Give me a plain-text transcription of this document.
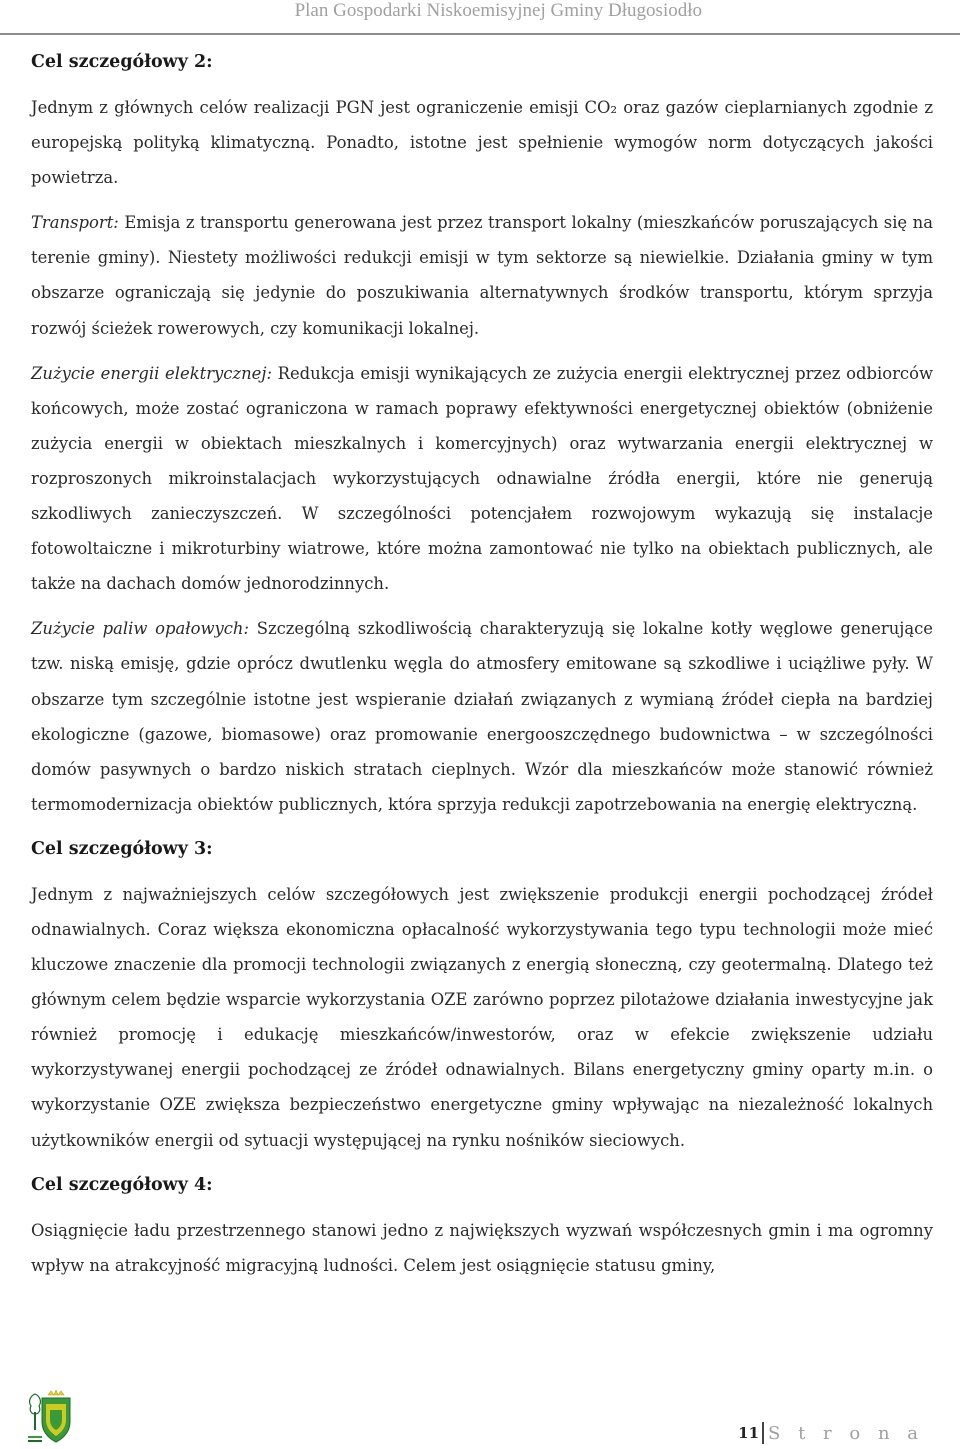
Plan Gospodarki Niskoemisyjnej Gminy Długosiodło
Cel szczegółowy 2:

Jednym z głównych celów realizacji PGN jest ograniczenie emisji CO₂ oraz gazów cieplarnianych zgodnie z europejską polityką klimatyczną. Ponadto, istotne jest spełnienie wymogów norm dotyczących jakości powietrza.

Transport: Emisja z transportu generowana jest przez transport lokalny (mieszkańców poruszających się na terenie gminy). Niestety możliwości redukcji emisji w tym sektorze są niewielkie. Działania gminy w tym obszarze ograniczają się jedynie do poszukiwania alternatywnych środków transportu, którym sprzyja rozwój ścieżek rowerowych, czy komunikacji lokalnej.

Zużycie energii elektrycznej: Redukcja emisji wynikających ze zużycia energii elektrycznej przez odbiorców końcowych, może zostać ograniczona w ramach poprawy efektywności energetycznej obiektów (obniżenie zużycia energii w obiektach mieszkalnych i komercyjnych) oraz wytwarzania energii elektrycznej w rozproszonych mikroinstalacjach wykorzystujących odnawialne źródła energii, które nie generują szkodliwych zanieczyszczeń. W szczególności potencjałem rozwojowym wykazują się instalacje fotowoltaiczne i mikroturbiny wiatrowe, które można zamontować nie tylko na obiektach publicznych, ale także na dachach domów jednorodzinnych.

Zużycie paliw opałowych: Szczególną szkodliwością charakteryzują się lokalne kotły węglowe generujące tzw. niską emisję, gdzie oprócz dwutlenku węgla do atmosfery emitowane są szkodliwe i uciążliwe pyły. W obszarze tym szczególnie istotne jest wspieranie działań związanych z wymianą źródeł ciepła na bardziej ekologiczne (gazowe, biomasowe) oraz promowanie energooszczędnego budownictwa – w szczególności domów pasywnych o bardzo niskich stratach cieplnych. Wzór dla mieszkańców może stanowić również termomodernizacja obiektów publicznych, która sprzyja redukcji zapotrzebowania na energię elektryczną.

Cel szczegółowy 3:

Jednym z najważniejszych celów szczegółowych jest zwiększenie produkcji energii pochodzącej źródeł odnawialnych. Coraz większa ekonomiczna opłacalność wykorzystywania tego typu technologii może mieć kluczowe znaczenie dla promocji technologii związanych z energią słoneczną, czy geotermalną. Dlatego też głównym celem będzie wsparcie wykorzystania OZE zarówno poprzez pilotażowe działania inwestycyjne jak również promocję i edukację mieszkańców/inwestorów, oraz w efekcie zwiększenie udziału wykorzystywanej energii pochodzącej ze źródeł odnawialnych. Bilans energetyczny gminy oparty m.in. o wykorzystanie OZE zwiększa bezpieczeństwo energetyczne gminy wpływając na niezależność lokalnych użytkowników energii od sytuacji występującej na rynku nośników sieciowych.

Cel szczegółowy 4:

Osiągnięcie ładu przestrzennego stanowi jedno z największych wyzwań współczesnych gmin i ma ogromny wpływ na atrakcyjność migracyjną ludności. Celem jest osiągnięcie statusu gminy,

11 S t r o n a
